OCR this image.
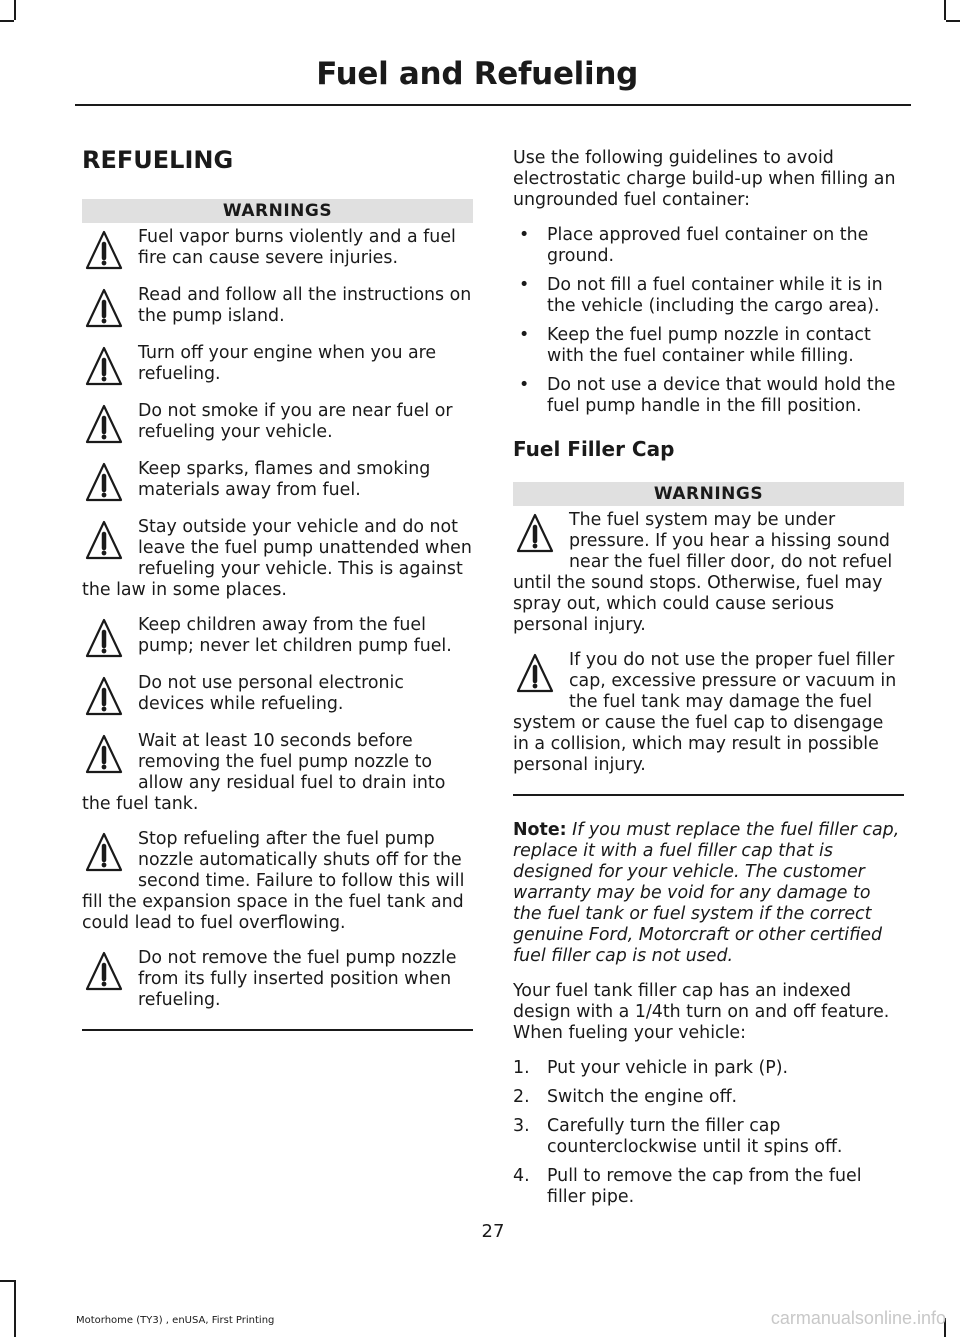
Fuel and Refueling
REFUELING
WARNINGS
Fuel vapor burns violently and a fuel fire can cause severe injuries.
Read and follow all the instructions on the pump island.
Turn off your engine when you are refueling.
Do not smoke if you are near fuel or refueling your vehicle.
Keep sparks, flames and smoking materials away from fuel.
Stay outside your vehicle and do not leave the fuel pump unattended when refueling your vehicle. This is against the law in some places.
Keep children away from the fuel pump; never let children pump fuel.
Do not use personal electronic devices while refueling.
Wait at least 10 seconds before removing the fuel pump nozzle to allow any residual fuel to drain into the fuel tank.
Stop refueling after the fuel pump nozzle automatically shuts off for the second time. Failure to follow this will fill the expansion space in the fuel tank and could lead to fuel overflowing.
Do not remove the fuel pump nozzle from its fully inserted position when refueling.

Use the following guidelines to avoid electrostatic charge build-up when filling an ungrounded fuel container:

• Place approved fuel container on the ground.
• Do not fill a fuel container while it is in the vehicle (including the cargo area).
• Keep the fuel pump nozzle in contact with the fuel container while filling.
• Do not use a device that would hold the fuel pump handle in the fill position.
Fuel Filler Cap
WARNINGS
The fuel system may be under pressure. If you hear a hissing sound near the fuel filler door, do not refuel until the sound stops. Otherwise, fuel may spray out, which could cause serious personal injury.
If you do not use the proper fuel filler cap, excessive pressure or vacuum in the fuel tank may damage the fuel system or cause the fuel cap to disengage in a collision, which may result in possible personal injury.

Note: If you must replace the fuel filler cap, replace it with a fuel filler cap that is designed for your vehicle. The customer warranty may be void for any damage to the fuel tank or fuel system if the correct genuine Ford, Motorcraft or other certified fuel filler cap is not used.

Your fuel tank filler cap has an indexed design with a 1/4th turn on and off feature. When fueling your vehicle:

1. Put your vehicle in park (P).
2. Switch the engine off.
3. Carefully turn the filler cap counterclockwise until it spins off.
4. Pull to remove the cap from the fuel filler pipe.
27
Motorhome (TY3) , enUSA, First Printing	carmanualsonline.info
